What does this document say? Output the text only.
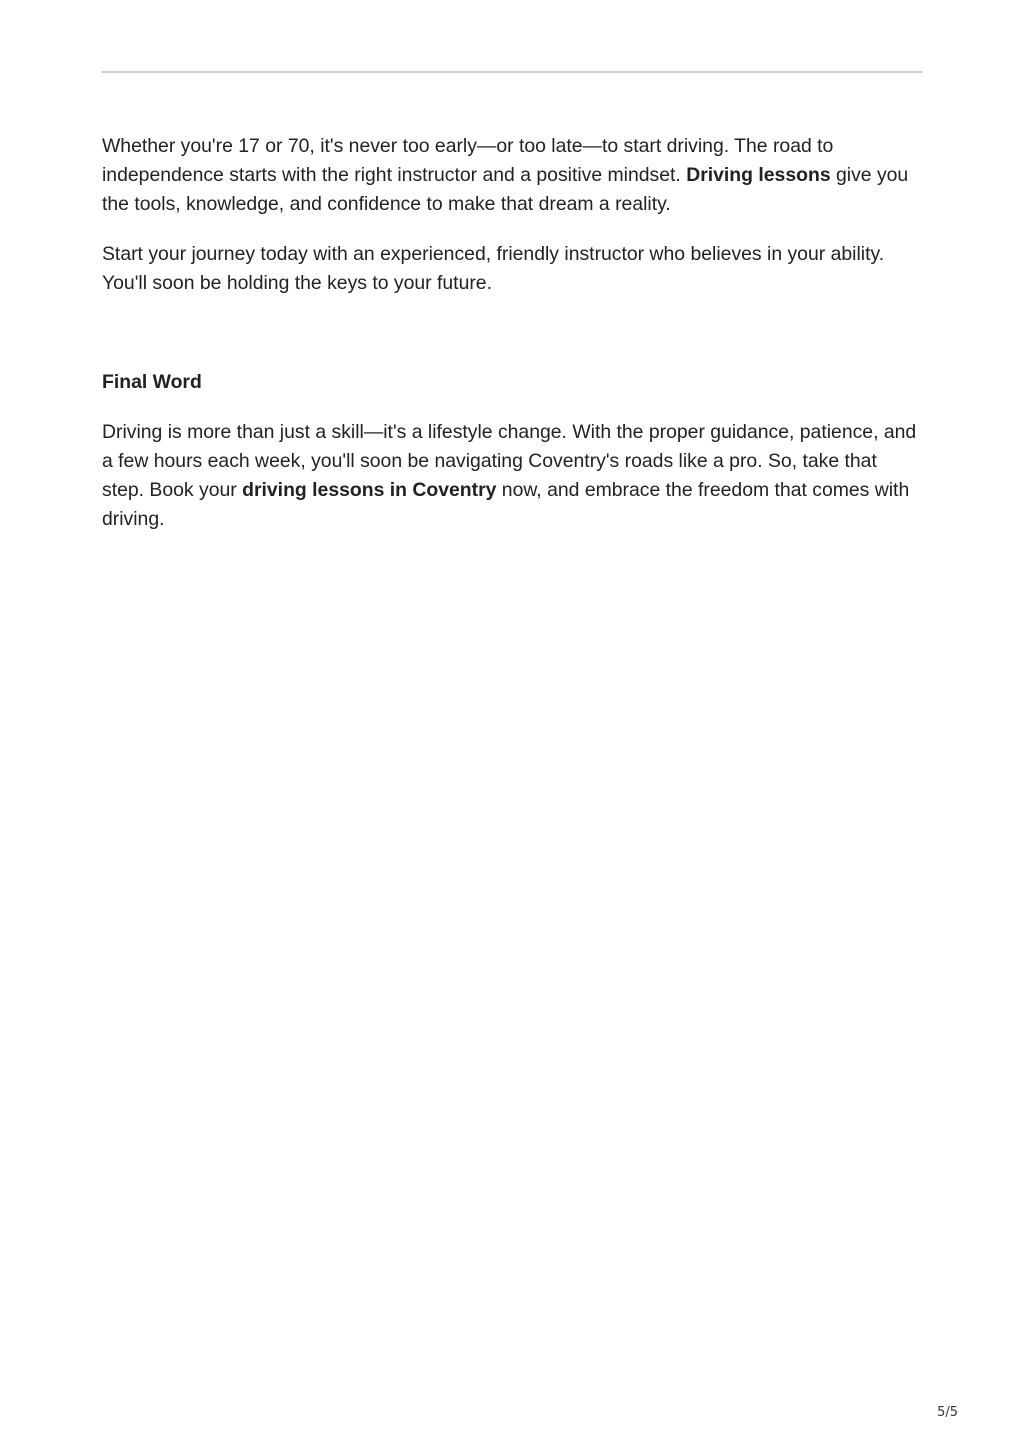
Whether you're 17 or 70, it's never too early—or too late—to start driving. The road to independence starts with the right instructor and a positive mindset. Driving lessons give you the tools, knowledge, and confidence to make that dream a reality.

Start your journey today with an experienced, friendly instructor who believes in your ability. You'll soon be holding the keys to your future.

Final Word

Driving is more than just a skill—it's a lifestyle change. With the proper guidance, patience, and a few hours each week, you'll soon be navigating Coventry's roads like a pro. So, take that step. Book your driving lessons in Coventry now, and embrace the freedom that comes with driving.

5/5
